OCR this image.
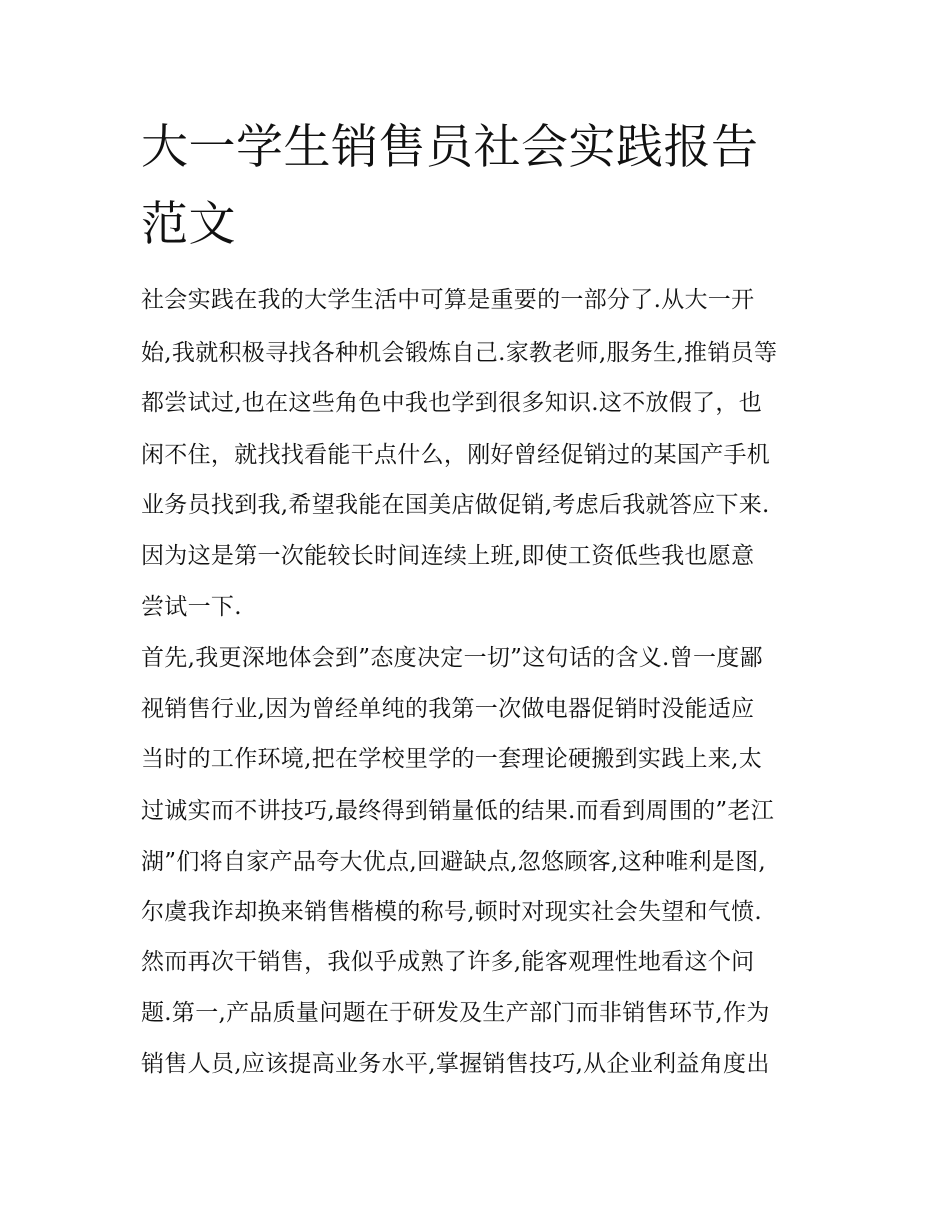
大一学生销售员社会实践报告
范文

社会实践在我的大学生活中可算是重要的一部分了.从大一开

始,我就积极寻找各种机会锻炼自己.家教老师,服务生,推销员等

都尝试过,也在这些角色中我也学到很多知识.这不放假了，也

闲不住，就找找看能干点什么，刚好曾经促销过的某国产手机

业务员找到我,希望我能在国美店做促销,考虑后我就答应下来.

因为这是第一次能较长时间连续上班,即使工资低些我也愿意

尝试一下.

首先,我更深地体会到”态度决定一切”这句话的含义.曾一度鄙

视销售行业,因为曾经单纯的我第一次做电器促销时没能适应

当时的工作环境,把在学校里学的一套理论硬搬到实践上来,太

过诚实而不讲技巧,最终得到销量低的结果.而看到周围的”老江

湖”们将自家产品夸大优点,回避缺点,忽悠顾客,这种唯利是图,

尔虞我诈却换来销售楷模的称号,顿时对现实社会失望和气愤.

然而再次干销售，我似乎成熟了许多,能客观理性地看这个问

题.第一,产品质量问题在于研发及生产部门而非销售环节,作为

销售人员,应该提高业务水平,掌握销售技巧,从企业利益角度出
